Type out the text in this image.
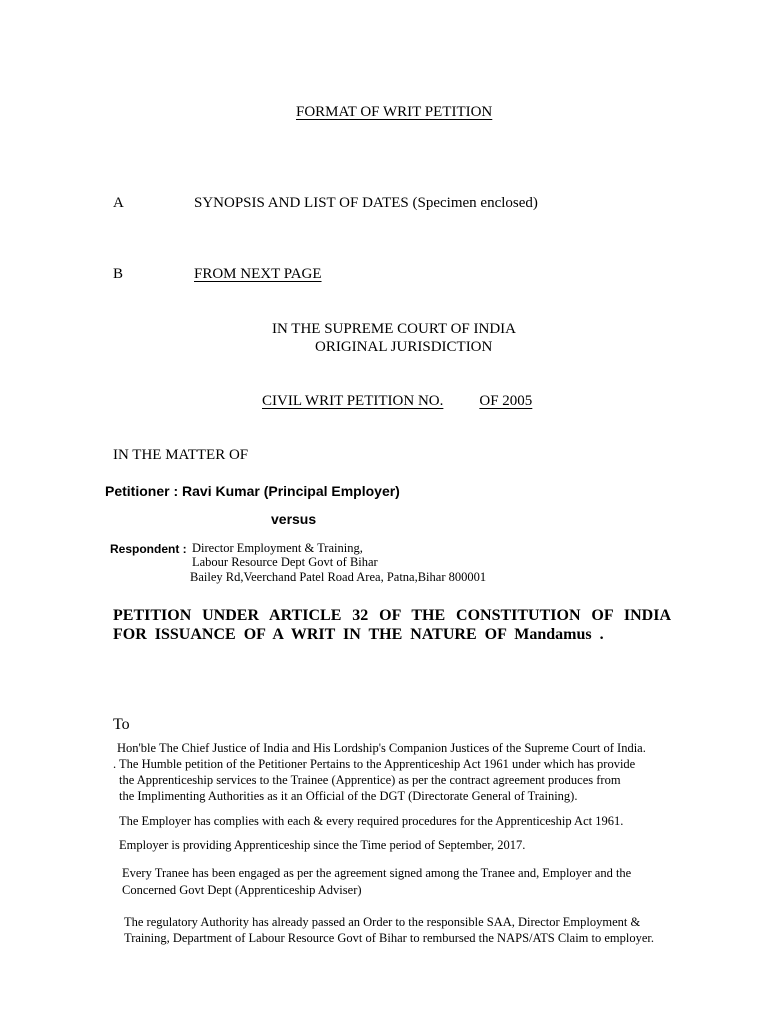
FORMAT OF WRIT PETITION
A	SYNOPSIS AND LIST OF DATES (Specimen enclosed)
B	FROM NEXT PAGE
IN THE SUPREME COURT OF INDIA
ORIGINAL JURISDICTION
CIVIL WRIT PETITION NO. OF 2005
IN THE MATTER OF
Petitioner : Ravi Kumar (Principal Employer)
versus
Respondent : Director Employment & Training,
Labour Resource Dept Govt of Bihar
Bailey Rd,Veerchand Patel Road Area, Patna,Bihar 800001
PETITION UNDER ARTICLE 32 OF THE CONSTITUTION OF INDIA FOR ISSUANCE OF A WRIT IN THE NATURE OF Mandamus .
To
Hon'ble The Chief Justice of India and His Lordship's Companion Justices of the Supreme Court of India.
. The Humble petition of the Petitioner Pertains to the Apprenticeship Act 1961 under which has provide
the Apprenticeship services to the Trainee (Apprentice) as per the contract agreement produces from
the Implimenting Authorities as it an Official of the DGT (Directorate General of Training).
The Employer has complies with each & every required procedures for the Apprenticeship Act 1961.
Employer is providing Apprenticeship since the Time period of September, 2017.
Every Tranee has been engaged as per the agreement signed among the Tranee and, Employer and the
Concerned Govt Dept (Apprenticeship Adviser)
The regulatory Authority has already passed an Order to the responsible SAA, Director Employment &
Training, Department of Labour Resource Govt of Bihar to rembursed the NAPS/ATS Claim to employer.
